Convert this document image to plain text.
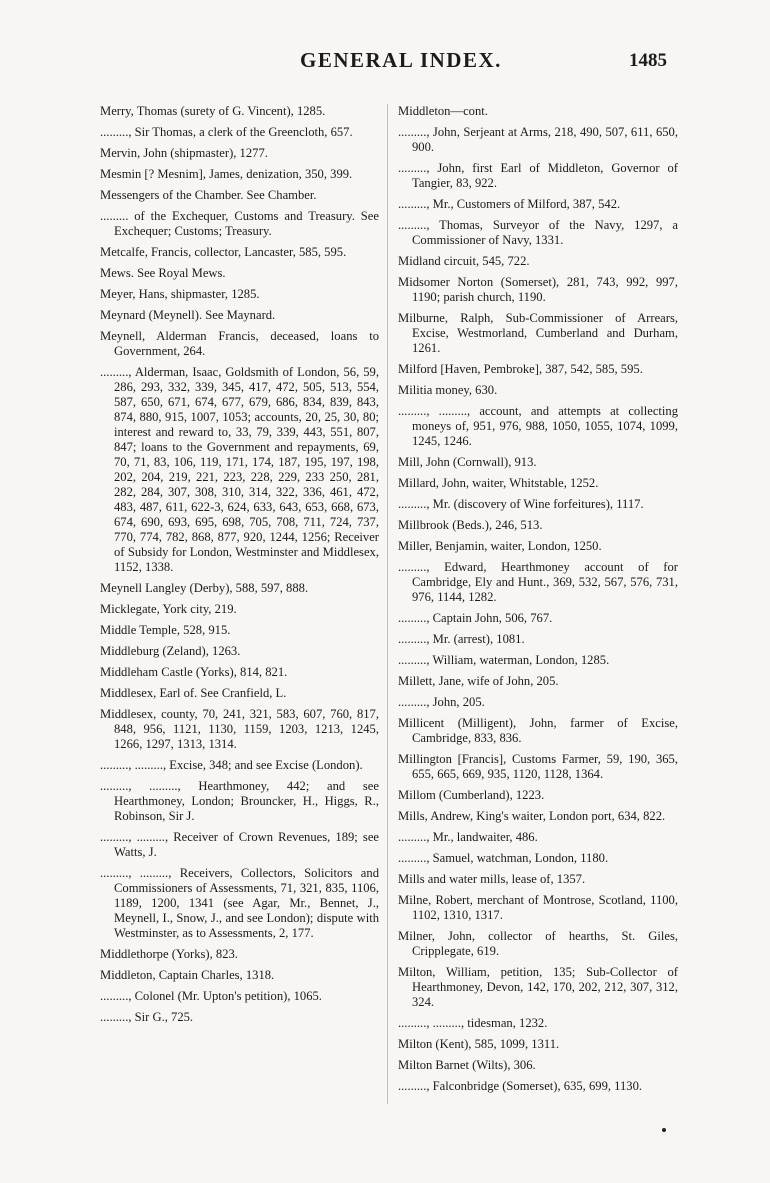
GENERAL INDEX.	1485

Merry, Thomas (surety of G. Vincent), 1285.

........., Sir Thomas, a clerk of the Greencloth, 657.

Mervin, John (shipmaster), 1277.

Mesmin [? Mesnim], James, denization, 350, 399.

Messengers of the Chamber. See Chamber.

......... of the Exchequer, Customs and Treasury. See Exchequer; Customs; Treasury.

Metcalfe, Francis, collector, Lancaster, 585, 595.

Mews. See Royal Mews.

Meyer, Hans, shipmaster, 1285.

Meynard (Meynell). See Maynard.

Meynell, Alderman Francis, deceased, loans to Government, 264.

........., Alderman, Isaac, Goldsmith of London, 56, 59, 286, 293, 332, 339, 345, 417, 472, 505, 513, 554, 587, 650, 671, 674, 677, 679, 686, 834, 839, 843, 874, 880, 915, 1007, 1053; accounts, 20, 25, 30, 80; interest and reward to, 33, 79, 339, 443, 551, 807, 847; loans to the Government and repayments, 69, 70, 71, 83, 106, 119, 171, 174, 187, 195, 197, 198, 202, 204, 219, 221, 223, 228, 229, 233 250, 281, 282, 284, 307, 308, 310, 314, 322, 336, 461, 472, 483, 487, 611, 622-3, 624, 633, 643, 653, 668, 673, 674, 690, 693, 695, 698, 705, 708, 711, 724, 737, 770, 774, 782, 868, 877, 920, 1244, 1256; Receiver of Subsidy for London, Westminster and Middlesex, 1152, 1338.

Meynell Langley (Derby), 588, 597, 888.

Micklegate, York city, 219.

Middle Temple, 528, 915.

Middleburg (Zeland), 1263.

Middleham Castle (Yorks), 814, 821.

Middlesex, Earl of. See Cranfield, L.

Middlesex, county, 70, 241, 321, 583, 607, 760, 817, 848, 956, 1121, 1130, 1159, 1203, 1213, 1245, 1266, 1297, 1313, 1314.

........., ........., Excise, 348; and see Excise (London).

........., ........., Hearthmoney, 442; and see Hearthmoney, London; Brouncker, H., Higgs, R., Robinson, Sir J.

........., ........., Receiver of Crown Revenues, 189; see Watts, J.

........., ........., Receivers, Collectors, Solicitors and Commissioners of Assessments, 71, 321, 835, 1106, 1189, 1200, 1341 (see Agar, Mr., Bennet, J., Meynell, I., Snow, J., and see London); dispute with Westminster, as to Assessments, 2, 177.

Middlethorpe (Yorks), 823.

Middleton, Captain Charles, 1318.

........., Colonel (Mr. Upton's petition), 1065.

........., Sir G., 725.

Middleton—cont.

........., John, Serjeant at Arms, 218, 490, 507, 611, 650, 900.

........., John, first Earl of Middleton, Governor of Tangier, 83, 922.

........., Mr., Customers of Milford, 387, 542.

........., Thomas, Surveyor of the Navy, 1297, a Commissioner of Navy, 1331.

Midland circuit, 545, 722.

Midsomer Norton (Somerset), 281, 743, 992, 997, 1190; parish church, 1190.

Milburne, Ralph, Sub-Commissioner of Arrears, Excise, Westmorland, Cumberland and Durham, 1261.

Milford [Haven, Pembroke], 387, 542, 585, 595.

Militia money, 630.

........., ........., account, and attempts at collecting moneys of, 951, 976, 988, 1050, 1055, 1074, 1099, 1245, 1246.

Mill, John (Cornwall), 913.

Millard, John, waiter, Whitstable, 1252.

........., Mr. (discovery of Wine forfeitures), 1117.

Millbrook (Beds.), 246, 513.

Miller, Benjamin, waiter, London, 1250.

........., Edward, Hearthmoney account of for Cambridge, Ely and Hunt., 369, 532, 567, 576, 731, 976, 1144, 1282.

........., Captain John, 506, 767.

........., Mr. (arrest), 1081.

........., William, waterman, London, 1285.

Millett, Jane, wife of John, 205.

........., John, 205.

Millicent (Milligent), John, farmer of Excise, Cambridge, 833, 836.

Millington [Francis], Customs Farmer, 59, 190, 365, 655, 665, 669, 935, 1120, 1128, 1364.

Millom (Cumberland), 1223.

Mills, Andrew, King's waiter, London port, 634, 822.

........., Mr., landwaiter, 486.

........., Samuel, watchman, London, 1180.

Mills and water mills, lease of, 1357.

Milne, Robert, merchant of Montrose, Scotland, 1100, 1102, 1310, 1317.

Milner, John, collector of hearths, St. Giles, Cripplegate, 619.

Milton, William, petition, 135; Sub-Collector of Hearthmoney, Devon, 142, 170, 202, 212, 307, 312, 324.

........., ........., tidesman, 1232.

Milton (Kent), 585, 1099, 1311.

Milton Barnet (Wilts), 306.

........., Falconbridge (Somerset), 635, 699, 1130.
